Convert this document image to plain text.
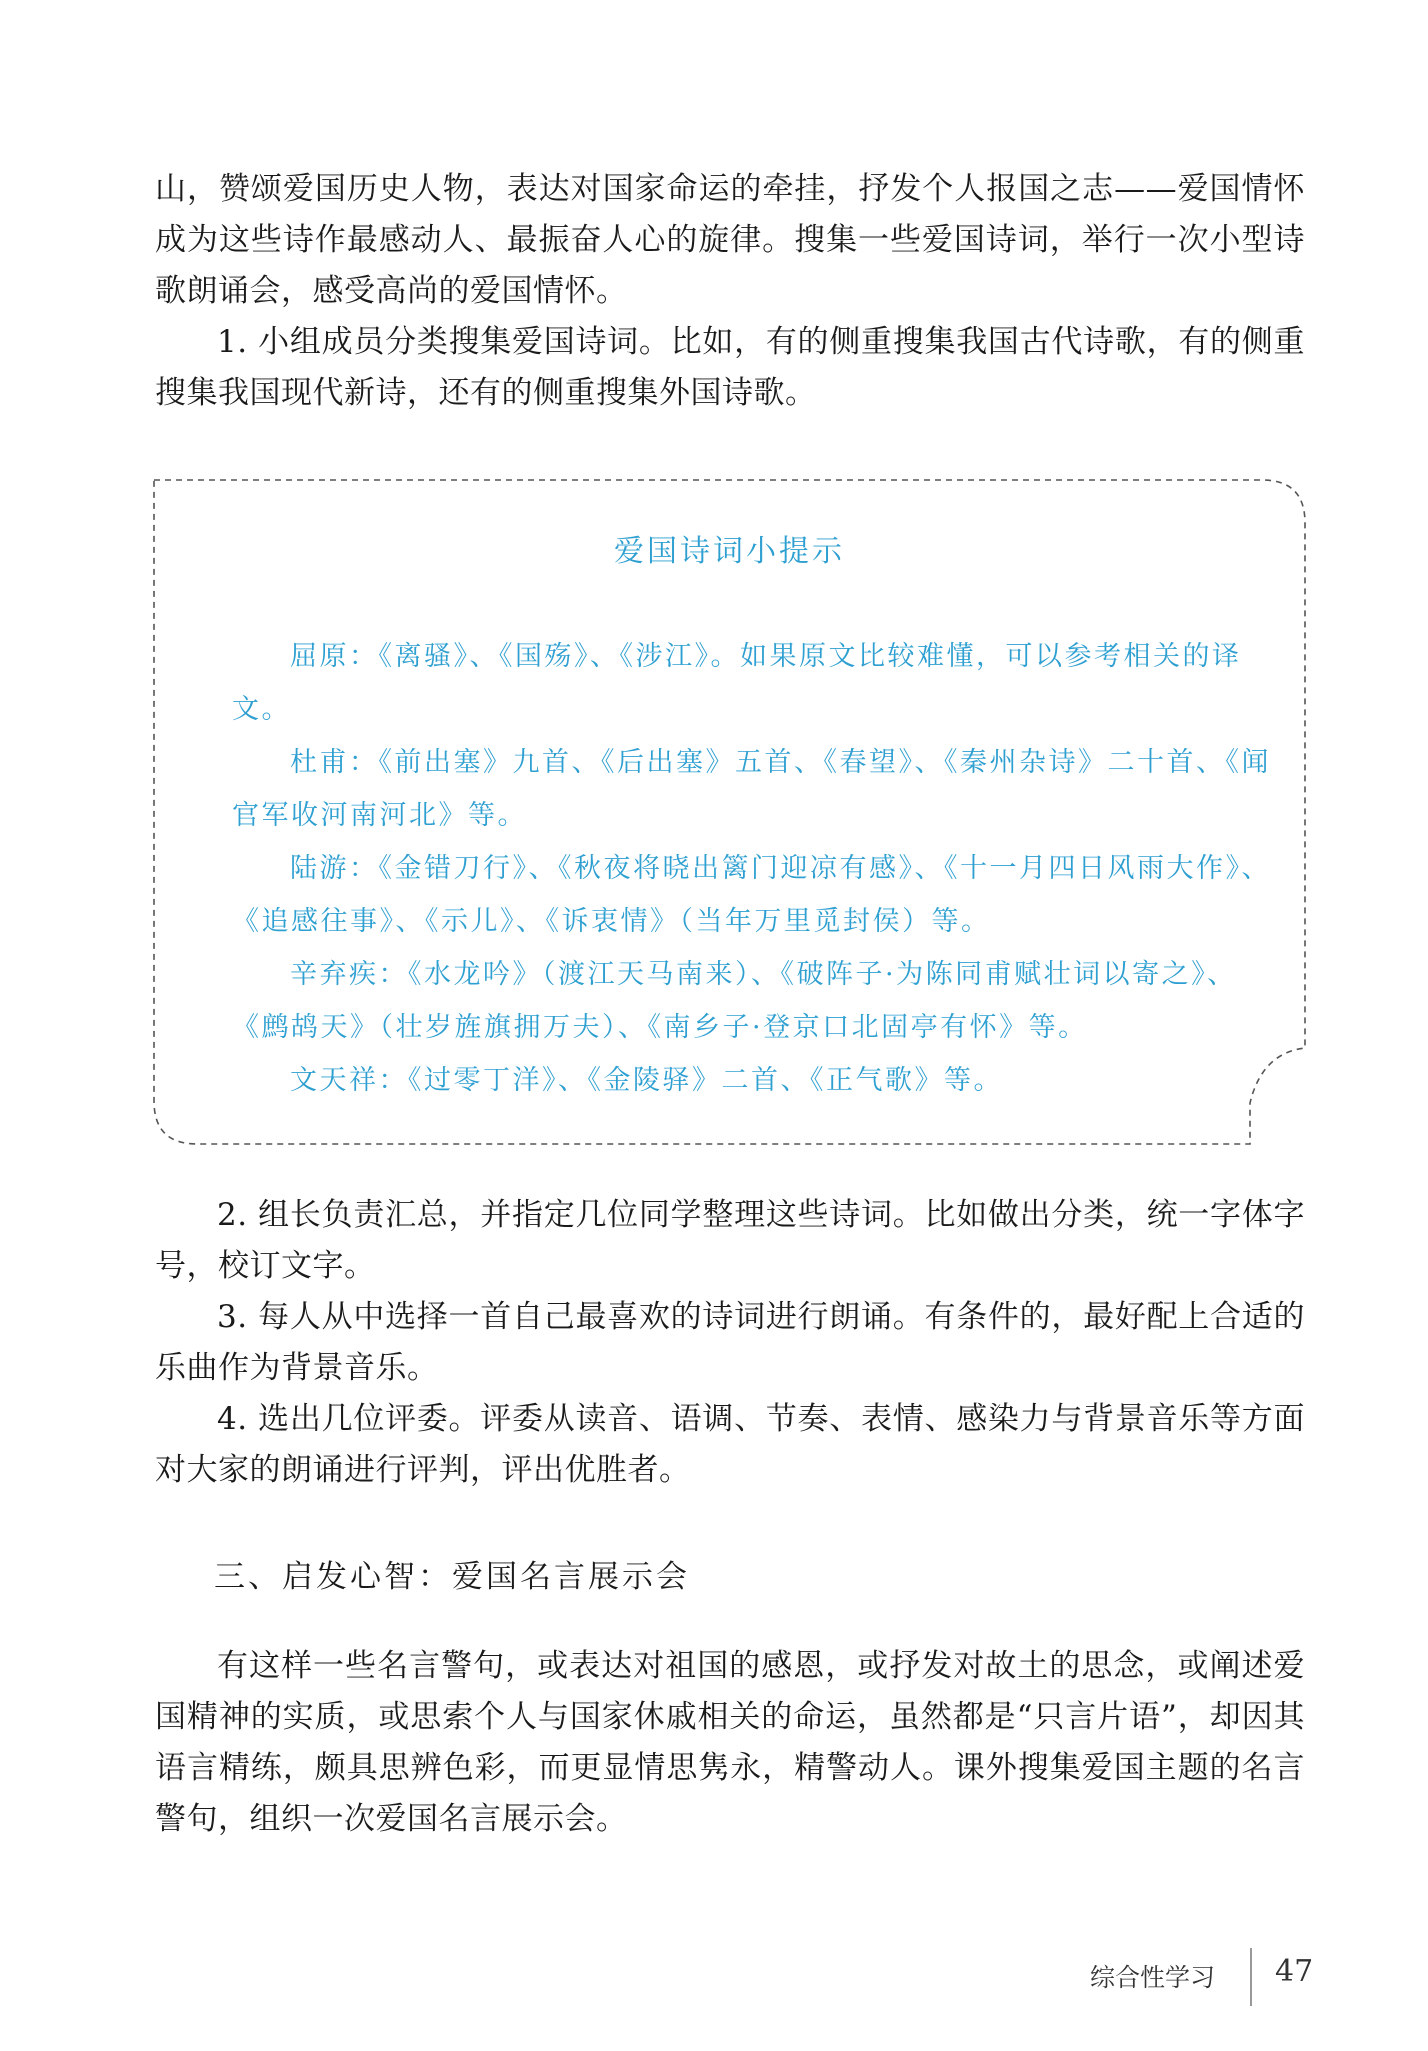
山，赞颂爱国历史人物，表达对国家命运的牵挂，抒发个人报国之志——爱国情怀成为这些诗作最感动人、最振奋人心的旋律。搜集一些爱国诗词，举行一次小型诗歌朗诵会，感受高尚的爱国情怀。

1. 小组成员分类搜集爱国诗词。比如，有的侧重搜集我国古代诗歌，有的侧重搜集我国现代新诗，还有的侧重搜集外国诗歌。

爱国诗词小提示

屈原：《离骚》、《国殇》、《涉江》。如果原文比较难懂，可以参考相关的译文。
杜甫：《前出塞》九首、《后出塞》五首、《春望》、《秦州杂诗》二十首、《闻官军收河南河北》等。
陆游：《金错刀行》、《秋夜将晓出篱门迎凉有感》、《十一月四日风雨大作》、《追感往事》、《示儿》、《诉衷情》（当年万里觅封侯）等。
辛弃疾：《水龙吟》（渡江天马南来）、《破阵子·为陈同甫赋壮词以寄之》、《鹧鸪天》（壮岁旌旗拥万夫）、《南乡子·登京口北固亭有怀》等。
文天祥：《过零丁洋》、《金陵驿》二首、《正气歌》等。

2. 组长负责汇总，并指定几位同学整理这些诗词。比如做出分类，统一字体字号，校订文字。

3. 每人从中选择一首自己最喜欢的诗词进行朗诵。有条件的，最好配上合适的乐曲作为背景音乐。

4. 选出几位评委。评委从读音、语调、节奏、表情、感染力与背景音乐等方面对大家的朗诵进行评判，评出优胜者。

三、启发心智：爱国名言展示会

有这样一些名言警句，或表达对祖国的感恩，或抒发对故土的思念，或阐述爱国精神的实质，或思索个人与国家休戚相关的命运，虽然都是“只言片语”，却因其语言精练，颇具思辨色彩，而更显情思隽永，精警动人。课外搜集爱国主题的名言警句，组织一次爱国名言展示会。

综合性学习 47
